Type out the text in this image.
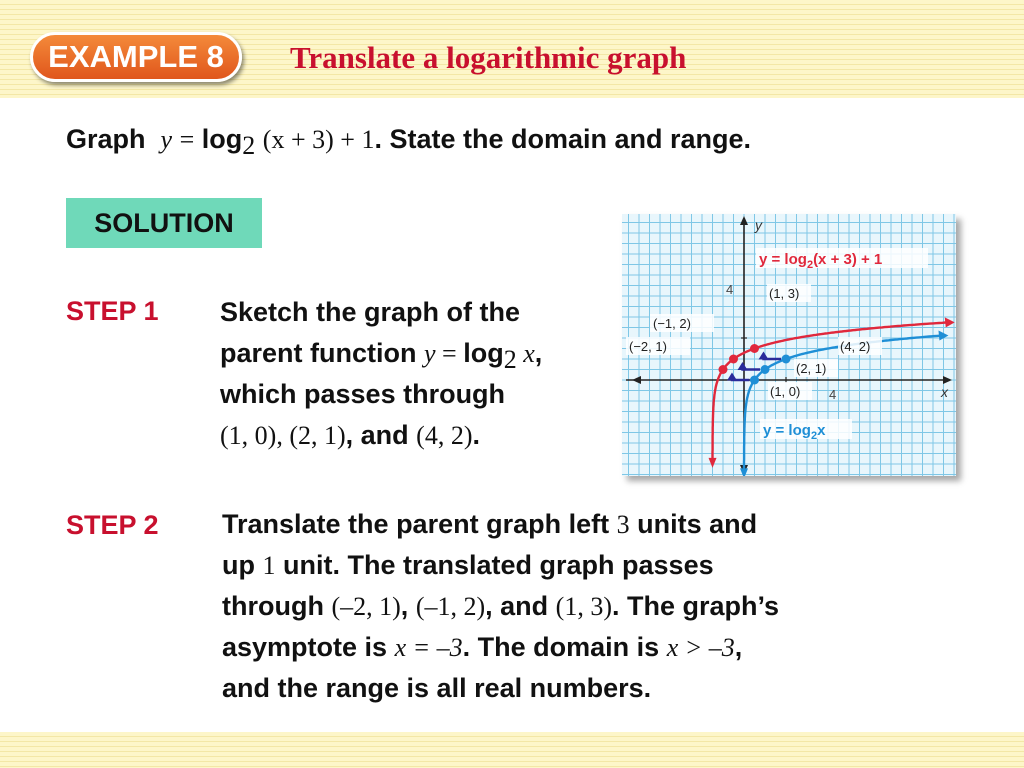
EXAMPLE 8	Translate a logarithmic graph
Graph $y = \log_2 (x + 3) + 1$. State the domain and range.
SOLUTION
STEP 1 Sketch the graph of the
parent function $y = \log_2 x$,
which passes through
(1, 0), (2, 1), and (4, 2).
STEP 2 Translate the parent graph left 3 units and
up 1 unit. The translated graph passes
through (–2, 1), (–1, 2), and (1, 3). The graph’s
asymptote is x = –3. The domain is x > –3,
and the range is all real numbers.
y
x
4
4
$y = \log_2(x + 3) + 1$
$y = \log_2x$
(1, 3)
(−1, 2)
(−2, 1)	(4, 2)
(2, 1)
(1, 0)
